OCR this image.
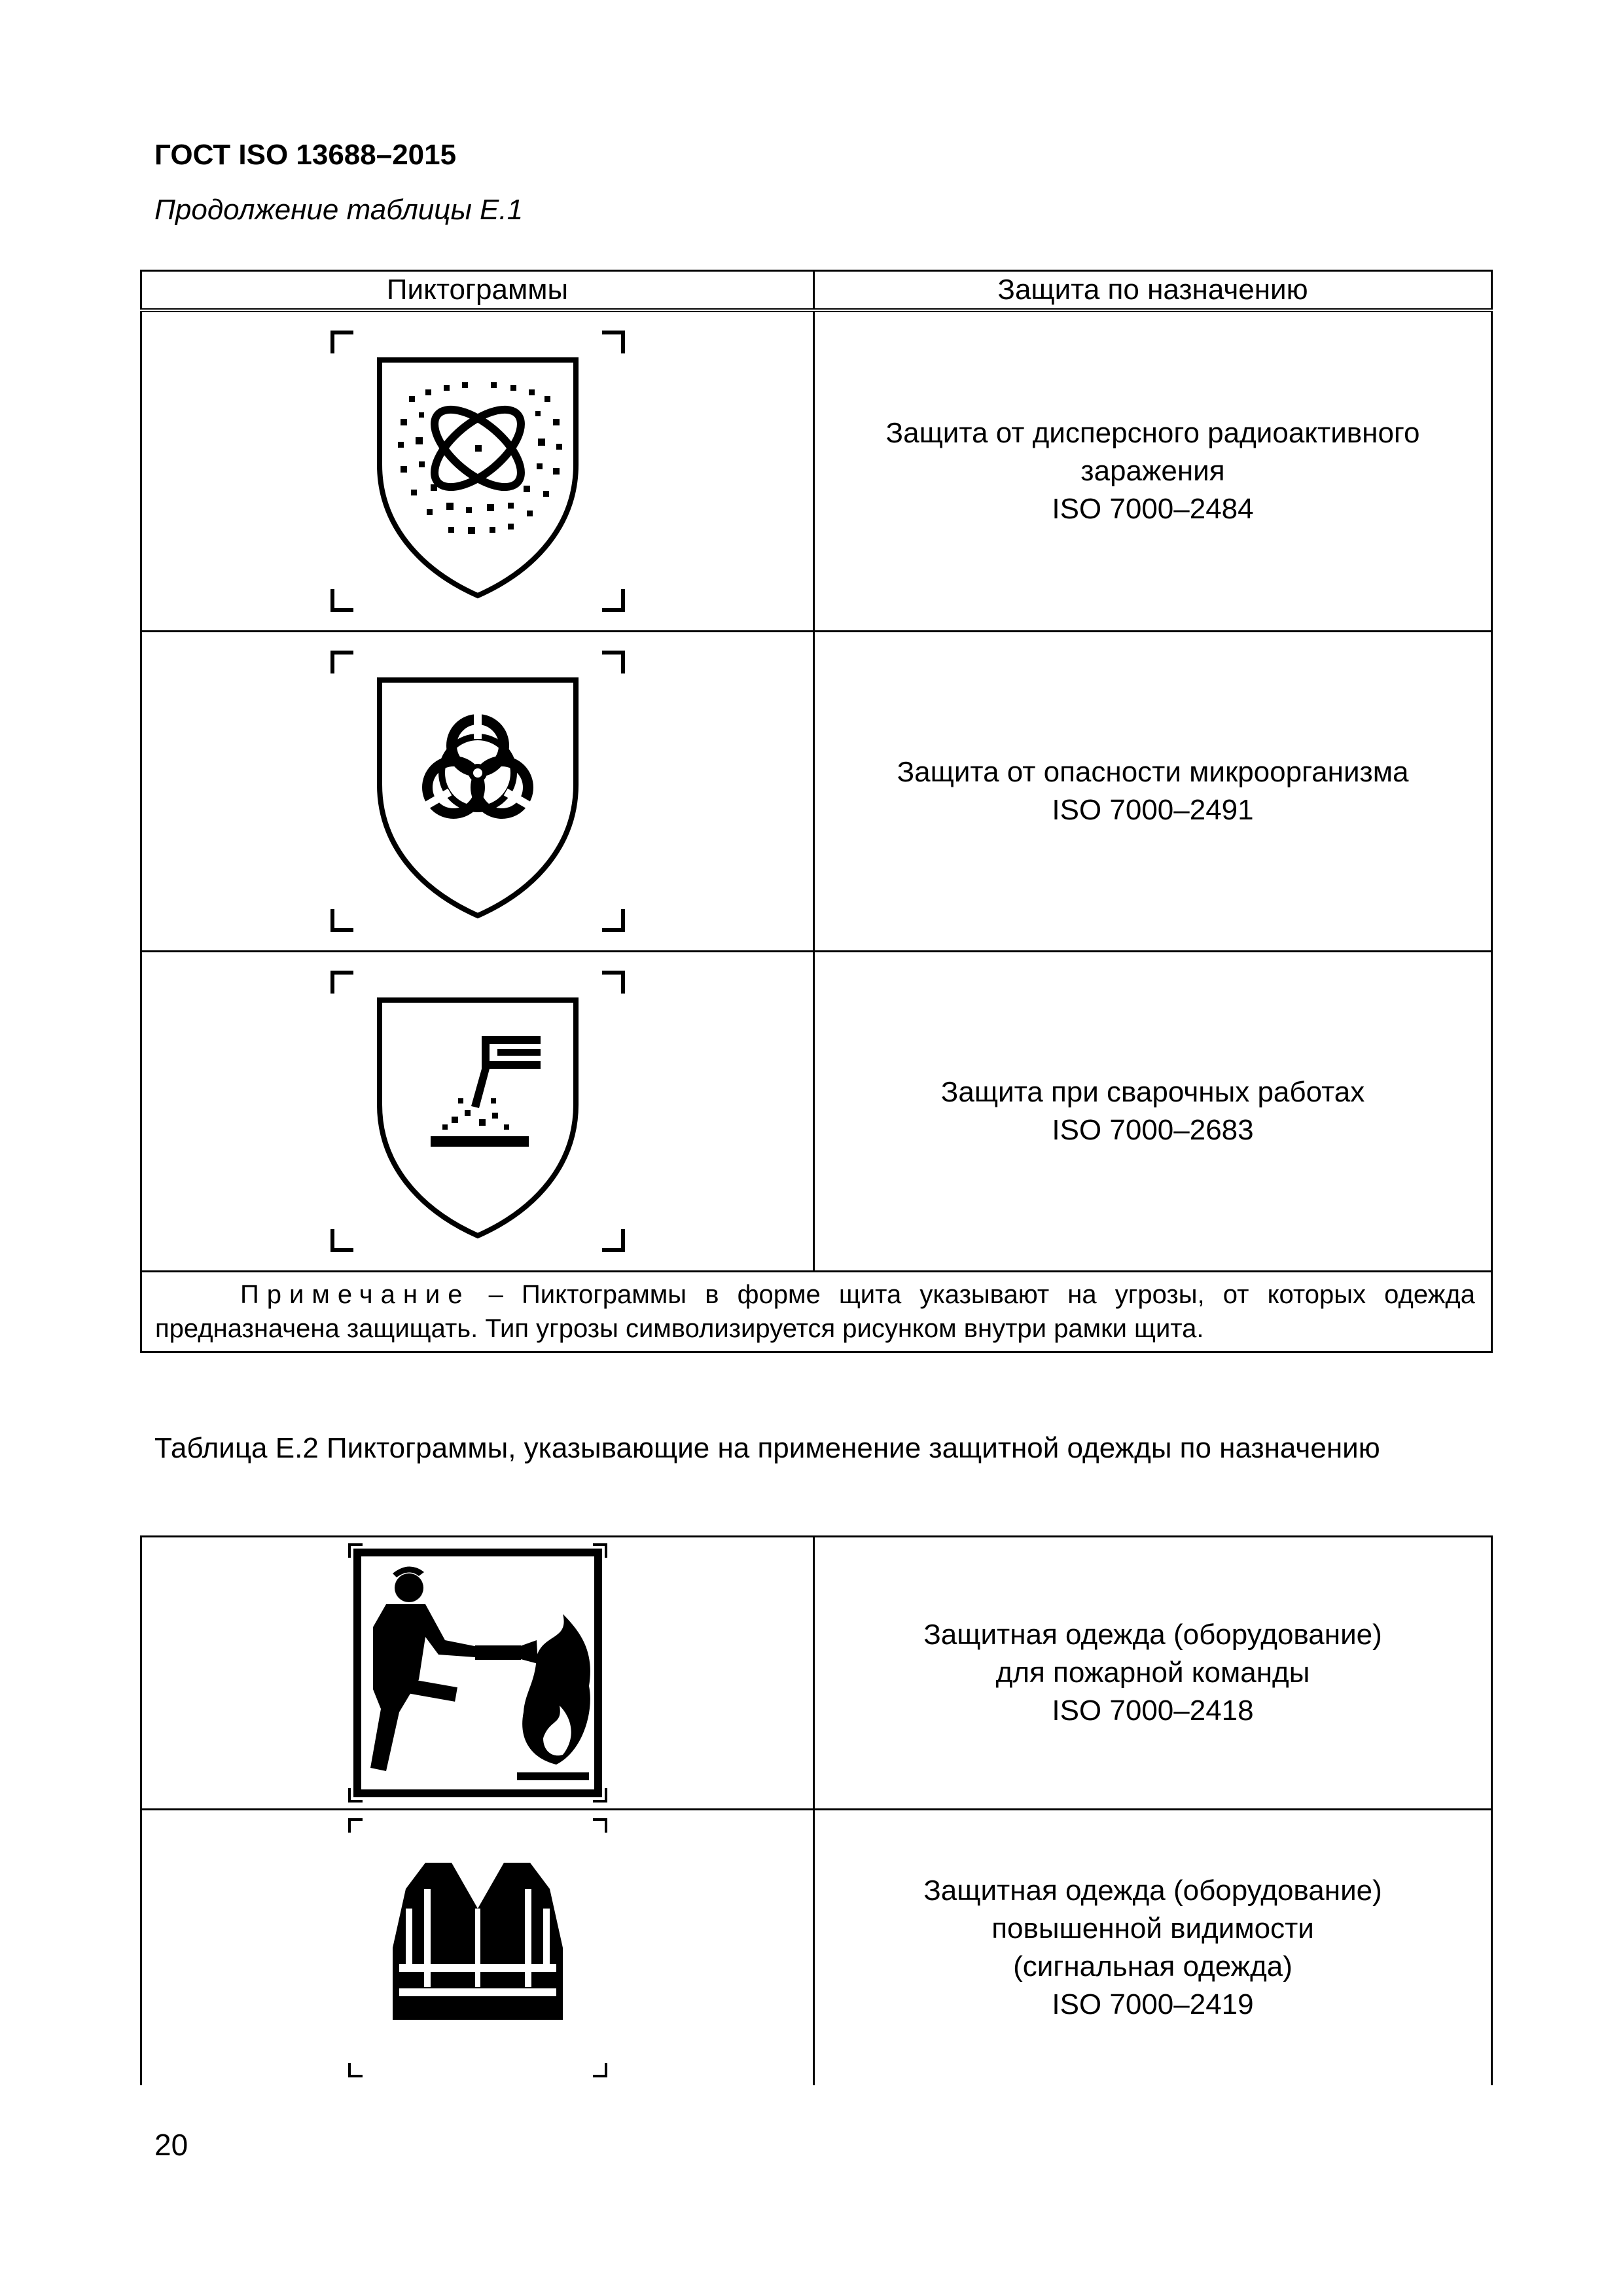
ГОСТ ISO 13688–2015
Продолжение таблицы Е.1
Пиктограммы	Защита по назначению

Защита от дисперсного радиоактивного
заражения
ISO 7000–2484

Защита от опасности микроорганизма
ISO 7000–2491

Защита при сварочных работах
ISO 7000–2683

Примечание – Пиктограммы в форме щита указывают на угрозы, от которых одежда предназначена защищать. Тип угрозы символизируется рисунком внутри рамки щита.	
Таблица Е.2 Пиктограммы, указывающие на применение защитной одежды по назначению

Защитная одежда (оборудование)
для пожарной команды
ISO 7000–2418

Защитная одежда (оборудование)
повышенной видимости
(сигнальная одежда)
ISO 7000–2419
20
